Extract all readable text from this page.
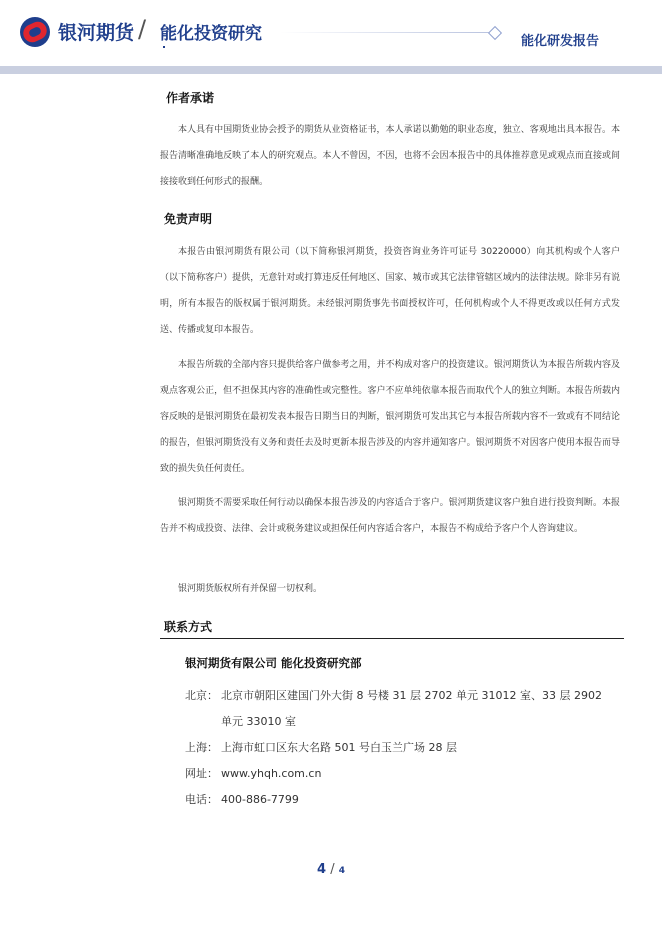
银河期货 / 能化投资研究	能化研发报告
作者承诺

本人具有中国期货业协会授予的期货从业资格证书，本人承诺以勤勉的职业态度，独立、客观地出具本报告。本报告清晰准确地反映了本人的研究观点。本人不曾因，不因，也将不会因本报告中的具体推荐意见或观点而直接或间接接收到任何形式的报酬。

免责声明

本报告由银河期货有限公司（以下简称银河期货，投资咨询业务许可证号 30220000）向其机构或个人客户（以下简称客户）提供，无意针对或打算违反任何地区、国家、城市或其它法律管辖区域内的法律法规。除非另有说明，所有本报告的版权属于银河期货。未经银河期货事先书面授权许可，任何机构或个人不得更改或以任何方式发送、传播或复印本报告。

本报告所载的全部内容只提供给客户做参考之用，并不构成对客户的投资建议。银河期货认为本报告所载内容及观点客观公正，但不担保其内容的准确性或完整性。客户不应单纯依靠本报告而取代个人的独立判断。本报告所载内容反映的是银河期货在最初发表本报告日期当日的判断，银河期货可发出其它与本报告所载内容不一致或有不同结论的报告，但银河期货没有义务和责任去及时更新本报告涉及的内容并通知客户。银河期货不对因客户使用本报告而导致的损失负任何责任。

银河期货不需要采取任何行动以确保本报告涉及的内容适合于客户。银河期货建议客户独自进行投资判断。本报告并不构成投资、法律、会计或税务建议或担保任何内容适合客户，本报告不构成给予客户个人咨询建议。

银河期货版权所有并保留一切权利。

联系方式
银河期货有限公司 能化投资研究部
北京： 北京市朝阳区建国门外大街 8 号楼 31 层 2702 单元 31012 室、33 层 2902 单元 33010 室
上海： 上海市虹口区东大名路 501 号白玉兰广场 28 层
网址： www.yhqh.com.cn
电话： 400-886-7799
4 / 4
